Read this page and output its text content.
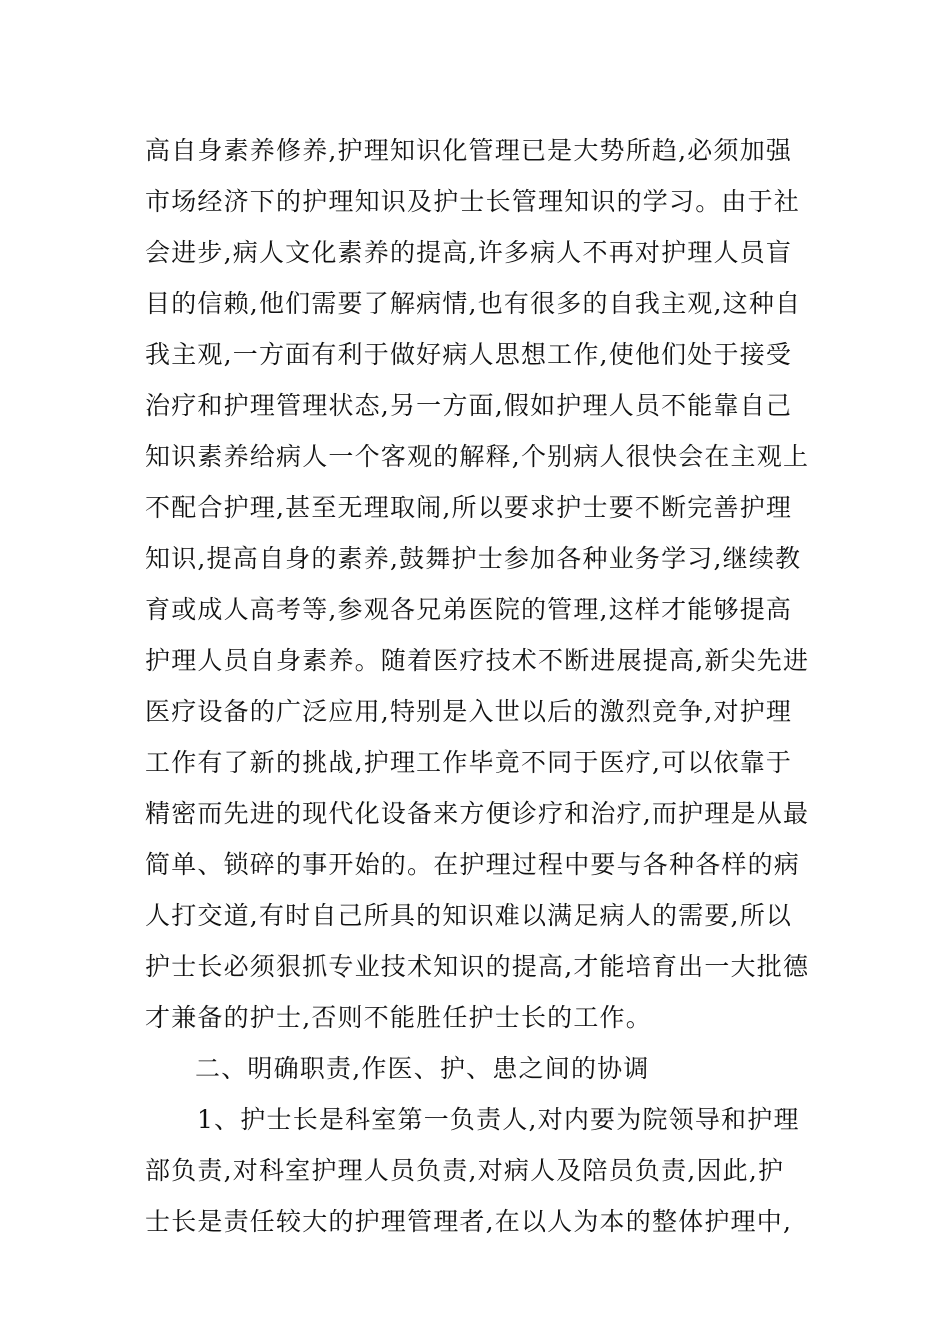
高自身素养修养,护理知识化管理已是大势所趋,必须加强
市场经济下的护理知识及护士长管理知识的学习。由于社
会进步,病人文化素养的提高,许多病人不再对护理人员盲
目的信赖,他们需要了解病情,也有很多的自我主观,这种自
我主观,一方面有利于做好病人思想工作,使他们处于接受
治疗和护理管理状态,另一方面,假如护理人员不能靠自己
知识素养给病人一个客观的解释,个别病人很快会在主观上
不配合护理,甚至无理取闹,所以要求护士要不断完善护理
知识,提高自身的素养,鼓舞护士参加各种业务学习,继续教
育或成人高考等,参观各兄弟医院的管理,这样才能够提高
护理人员自身素养。随着医疗技术不断进展提高,新尖先进
医疗设备的广泛应用,特别是入世以后的激烈竞争,对护理
工作有了新的挑战,护理工作毕竟不同于医疗,可以依靠于
精密而先进的现代化设备来方便诊疗和治疗,而护理是从最
简单、锁碎的事开始的。在护理过程中要与各种各样的病
人打交道,有时自己所具的知识难以满足病人的需要,所以
护士长必须狠抓专业技术知识的提高,才能培育出一大批德
才兼备的护士,否则不能胜任护士长的工作。
二、明确职责,作医、护、患之间的协调
1、护士长是科室第一负责人,对内要为院领导和护理
部负责,对科室护理人员负责,对病人及陪员负责,因此,护
士长是责任较大的护理管理者,在以人为本的整体护理中,
